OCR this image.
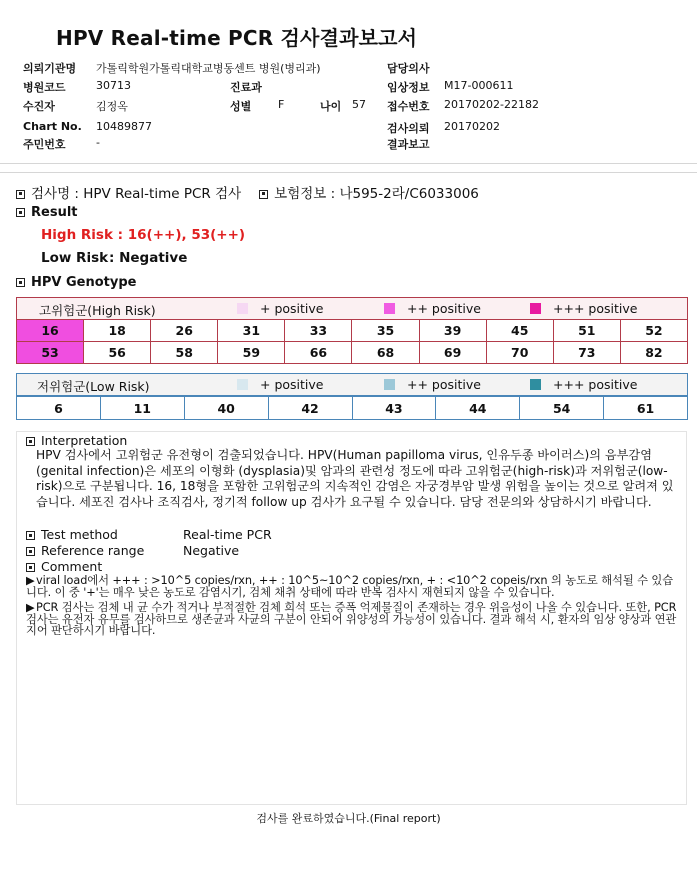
HPV Real-time PCR 검사결과보고서
의뢰기관명 가톨릭학원가톨릭대학교병동센트 병원(병리과)	담당의사
병원코드	30713	진료과	임상정보 M17-000611
수진자	김정옥	성별 F	나이 57 접수번호 20170202-22182
Chart No. 10489877	검사의뢰 20170202
주민번호	-	결과보고
검사명 : HPV Real-time PCR 검사 보험정보 : 나595-2라/C6033006
Result
High Risk : 16(++), 53(++)
Low Risk: Negative
HPV Genotype
고위험군(High Risk)	+ positive	++ positive	+++ positive
16	18	26	31	33	35	39	45	51	52
53	56	58	59	66	68	69	70	73	82
저위험군(Low Risk)	+ positive	++ positive	+++ positive
6	11	40	42	43	44	54	61
Interpretation
HPV 검사에서 고위험군 유전형이 검출되었습니다. HPV(Human papilloma virus, 인유두종 바이러스)의 음부감염(genital infection)은 세포의 이형화 (dysplasia)및 암과의 관련성 정도에 따라 고위험군(high-risk)과 저위험군(low-risk)으로 구분됩니다. 16, 18형을 포함한 고위험군의 지속적인 감염은 자궁경부암 발생 위험을 높이는 것으로 알려져 있습니다. 세포진 검사나 조직검사, 정기적 follow up 검사가 요구될 수 있습니다. 담당 전문의와 상담하시기 바랍니다.
Test method	Real-time PCR
Reference range	Negative
Comment
▶viral load에서 +++ : >10^5 copies/rxn, ++ : 10^5~10^2 copies/rxn, + : <10^2 copeis/rxn 의 농도로 해석될 수 있습니다. 이 중 '+'는 매우 낮은 농도로 감염시기, 검체 채취 상태에 따라 반복 검사시 재현되지 않을 수 있습니다.
▶PCR 검사는 검체 내 균 수가 적거나 부적절한 검체 희석 또는 증폭 억제물질이 존재하는 경우 위음성이 나올 수 있습니다. 또한, PCR 검사는 유전자 유무를 검사하므로 생존균과 사균의 구분이 안되어 위양성의 가능성이 있습니다. 결과 해석 시, 환자의 임상 양상과 연관지어 판단하시기 바랍니다.
검사를 완료하였습니다.(Final report)
